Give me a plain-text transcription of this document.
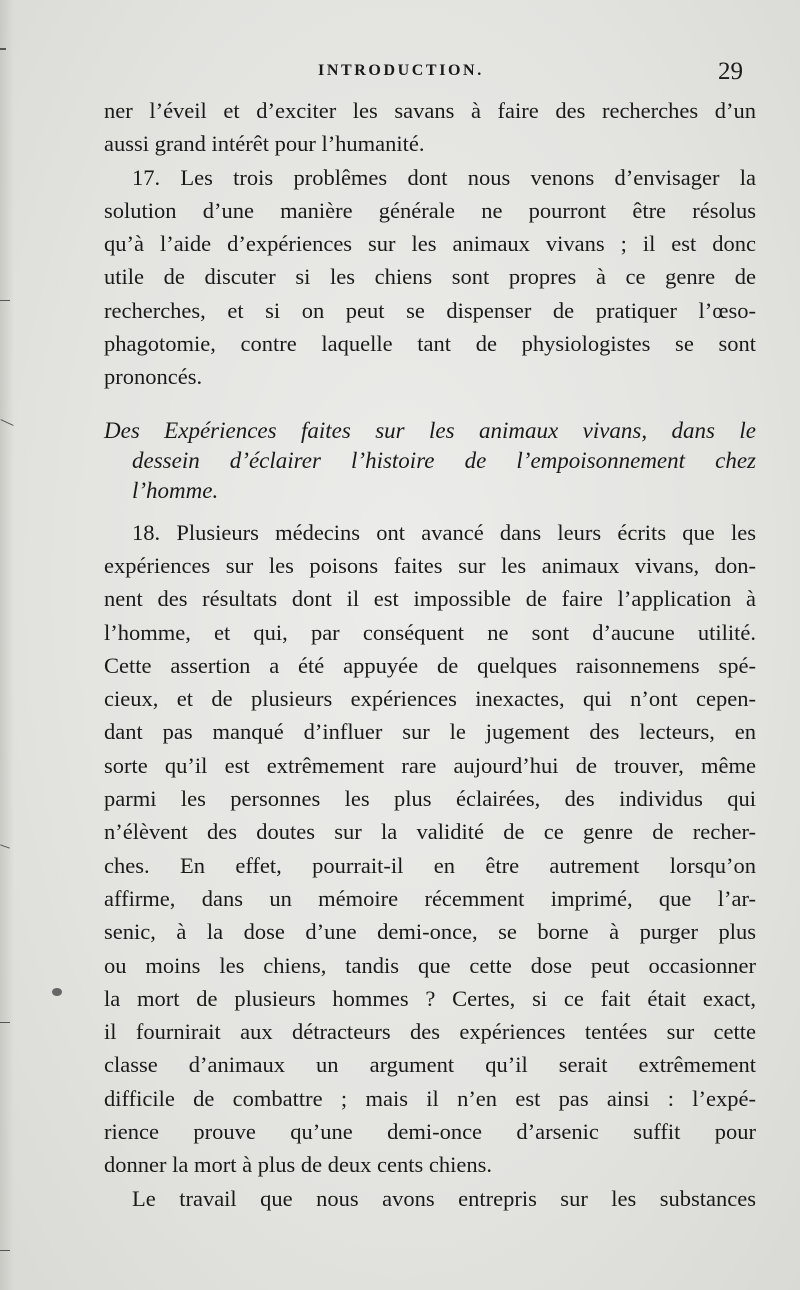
INTRODUCTION.	29
ner l’éveil et d’exciter les savans à faire des recherches d’un
aussi grand intérêt pour l’humanité.
17. Les trois problêmes dont nous venons d’envisager la
solution d’une manière générale ne pourront être résolus
qu’à l’aide d’expériences sur les animaux vivans ; il est donc
utile de discuter si les chiens sont propres à ce genre de
recherches, et si on peut se dispenser de pratiquer l’œso-
phagotomie, contre laquelle tant de physiologistes se sont
prononcés.
Des Expériences faites sur les animaux vivans, dans le
dessein d’éclairer l’histoire de l’empoisonnement chez
l’homme.
18. Plusieurs médecins ont avancé dans leurs écrits que les
expériences sur les poisons faites sur les animaux vivans, don-
nent des résultats dont il est impossible de faire l’application à
l’homme, et qui, par conséquent ne sont d’aucune utilité.
Cette assertion a été appuyée de quelques raisonnemens spé-
cieux, et de plusieurs expériences inexactes, qui n’ont cepen-
dant pas manqué d’influer sur le jugement des lecteurs, en
sorte qu’il est extrêmement rare aujourd’hui de trouver, même
parmi les personnes les plus éclairées, des individus qui
n’élèvent des doutes sur la validité de ce genre de recher-
ches. En effet, pourrait-il en être autrement lorsqu’on
affirme, dans un mémoire récemment imprimé, que l’ar-
senic, à la dose d’une demi-once, se borne à purger plus
ou moins les chiens, tandis que cette dose peut occasionner
la mort de plusieurs hommes ? Certes, si ce fait était exact,
il fournirait aux détracteurs des expériences tentées sur cette
classe d’animaux un argument qu’il serait extrêmement
difficile de combattre ; mais il n’en est pas ainsi : l’expé-
rience prouve qu’une demi-once d’arsenic suffit pour
donner la mort à plus de deux cents chiens.
Le travail que nous avons entrepris sur les substances
